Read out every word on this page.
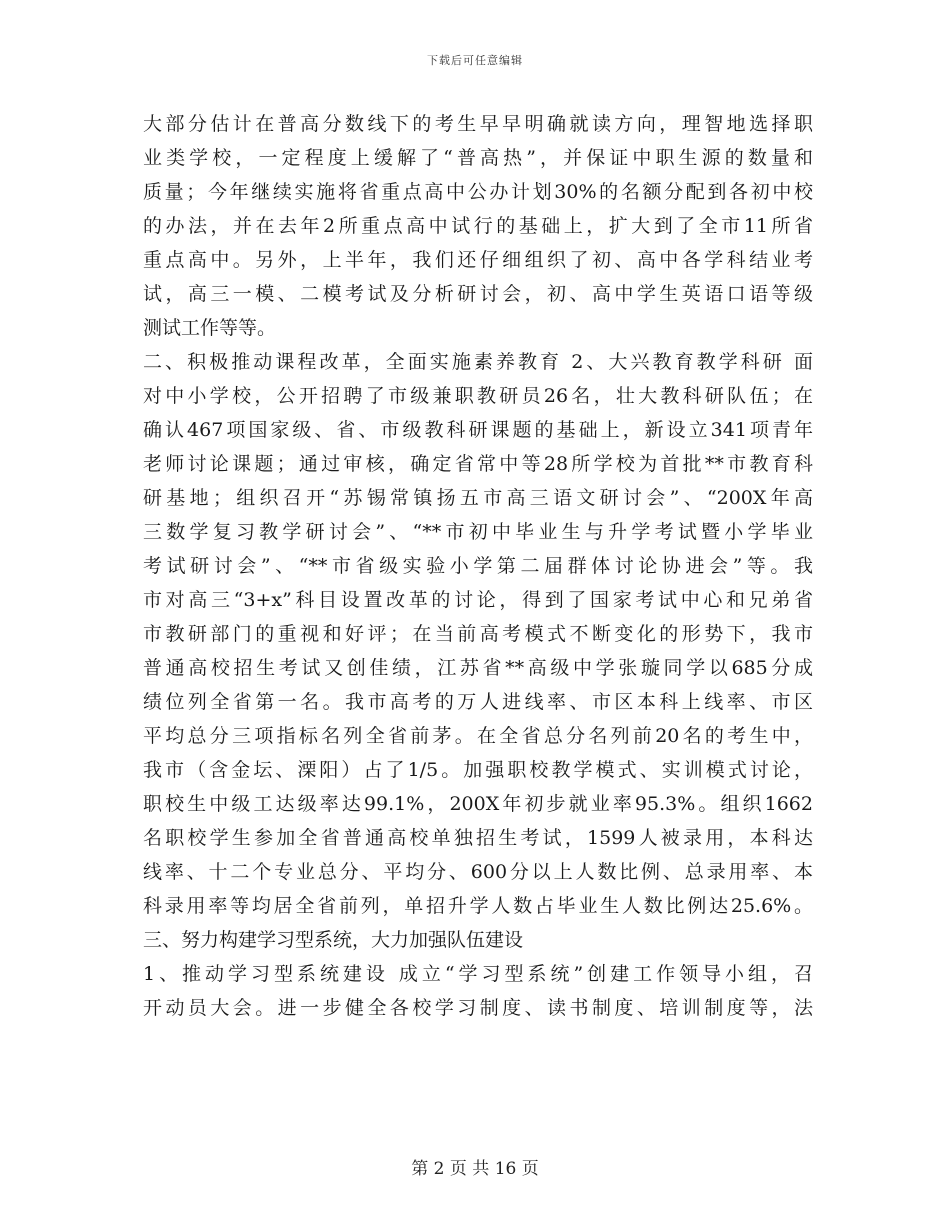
下载后可任意编辑
大部分估计在普高分数线下的考生早早明确就读方向，理智地选择职
业类学校，一定程度上缓解了“普高热”，并保证中职生源的数量和
质量；今年继续实施将省重点高中公办计划30%的名额分配到各初中校
的办法，并在去年2所重点高中试行的基础上，扩大到了全市11所省
重点高中。另外，上半年，我们还仔细组织了初、高中各学科结业考
试，高三一模、二模考试及分析研讨会，初、高中学生英语口语等级
测试工作等等。
二、积极推动课程改革，全面实施素养教育 2、大兴教育教学科研 面
对中小学校，公开招聘了市级兼职教研员26名，壮大教科研队伍；在
确认467项国家级、省、市级教科研课题的基础上，新设立341项青年
老师讨论课题；通过审核，确定省常中等28所学校为首批**市教育科
研基地；组织召开“苏锡常镇扬五市高三语文研讨会”、“200X年高
三数学复习教学研讨会”、“**市初中毕业生与升学考试暨小学毕业
考试研讨会”、“**市省级实验小学第二届群体讨论协进会”等。我
市对高三“3+x”科目设置改革的讨论，得到了国家考试中心和兄弟省
市教研部门的重视和好评；在当前高考模式不断变化的形势下，我市
普通高校招生考试又创佳绩，江苏省**高级中学张璇同学以685分成
绩位列全省第一名。我市高考的万人进线率、市区本科上线率、市区
平均总分三项指标名列全省前茅。在全省总分名列前20名的考生中，
我市（含金坛、溧阳）占了1/5。加强职校教学模式、实训模式讨论，
职校生中级工达级率达99.1%，200X年初步就业率95.3%。组织1662
名职校学生参加全省普通高校单独招生考试，1599人被录用，本科达
线率、十二个专业总分、平均分、600分以上人数比例、总录用率、本
科录用率等均居全省前列，单招升学人数占毕业生人数比例达25.6%。
三、努力构建学习型系统，大力加强队伍建设
1、推动学习型系统建设 成立“学习型系统”创建工作领导小组，召
开动员大会。进一步健全各校学习制度、读书制度、培训制度等，法
第 2 页 共 16 页
